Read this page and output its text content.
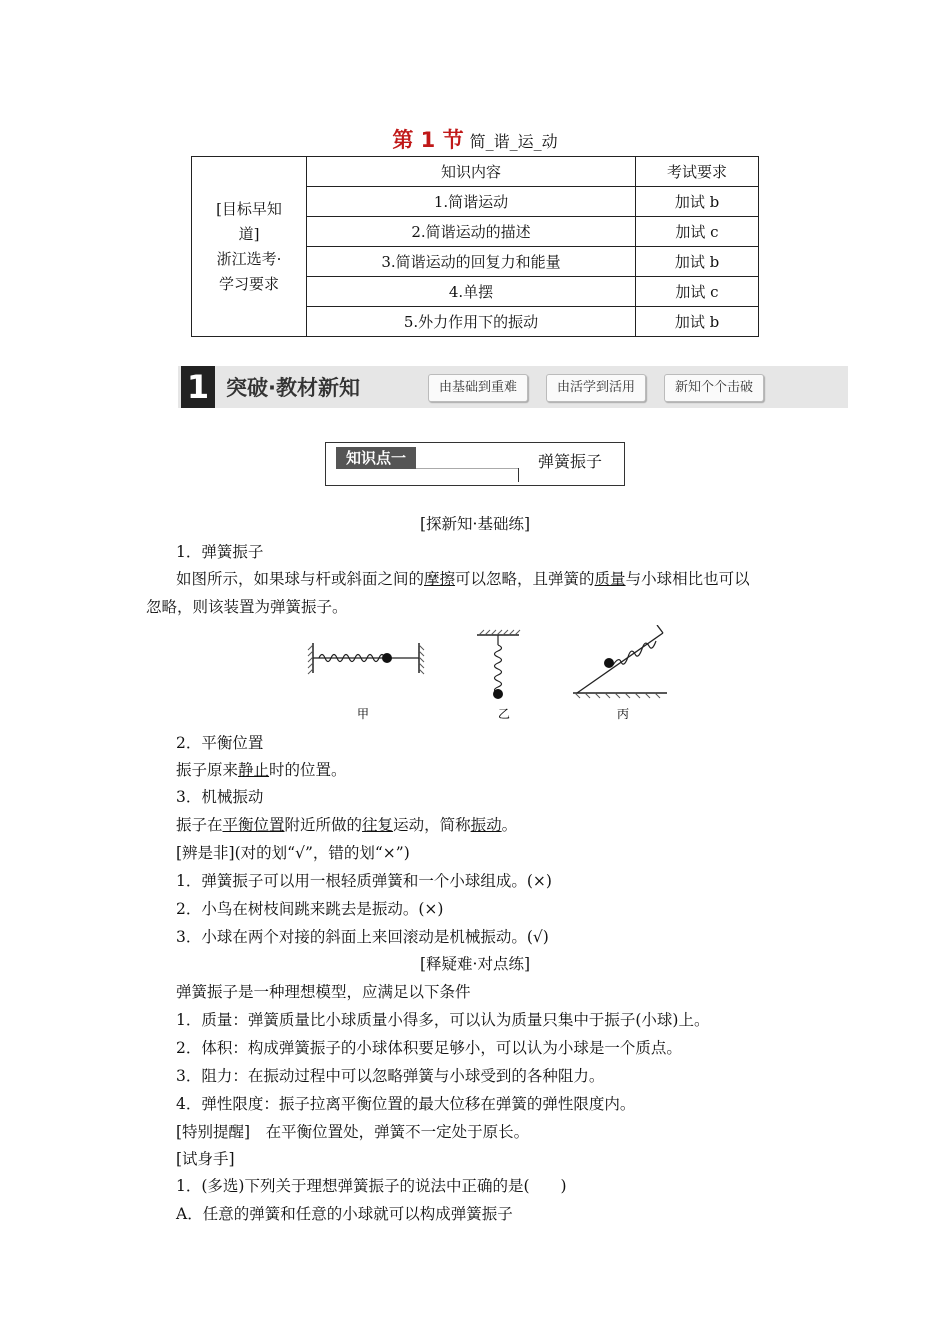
第 1 节 简_谐_运_动
[目标早知
道]
浙江选考·
学习要求	知识内容	考试要求
	1.简谐运动	加试 b
	2.简谐运动的描述	加试 c
	3.简谐运动的回复力和能量	加试 b
	4.单摆	加试 c
	5.外力作用下的振动	加试 b
1 突破·教材新知	由基础到重难	由活学到活用	新知个个击破
知识点一	弹簧振子
[探新知·基础练]
1．弹簧振子
如图所示，如果球与杆或斜面之间的摩擦可以忽略，且弹簧的质量与小球相比也可以
忽略，则该装置为弹簧振子。
甲	乙	丙
2．平衡位置
振子原来静止时的位置。
3．机械振动
振子在平衡位置附近所做的往复运动，简称振动。
[辨是非](对的划“√”，错的划“×”)
1．弹簧振子可以用一根轻质弹簧和一个小球组成。(×)
2．小鸟在树枝间跳来跳去是振动。(×)
3．小球在两个对接的斜面上来回滚动是机械振动。(√)
[释疑难·对点练]
弹簧振子是一种理想模型，应满足以下条件
1．质量：弹簧质量比小球质量小得多，可以认为质量只集中于振子(小球)上。
2．体积：构成弹簧振子的小球体积要足够小，可以认为小球是一个质点。
3．阻力：在振动过程中可以忽略弹簧与小球受到的各种阻力。
4．弹性限度：振子拉离平衡位置的最大位移在弹簧的弹性限度内。
[特别提醒]　在平衡位置处，弹簧不一定处于原长。
[试身手]
1．(多选)下列关于理想弹簧振子的说法中正确的是(　　)
A．任意的弹簧和任意的小球就可以构成弹簧振子
